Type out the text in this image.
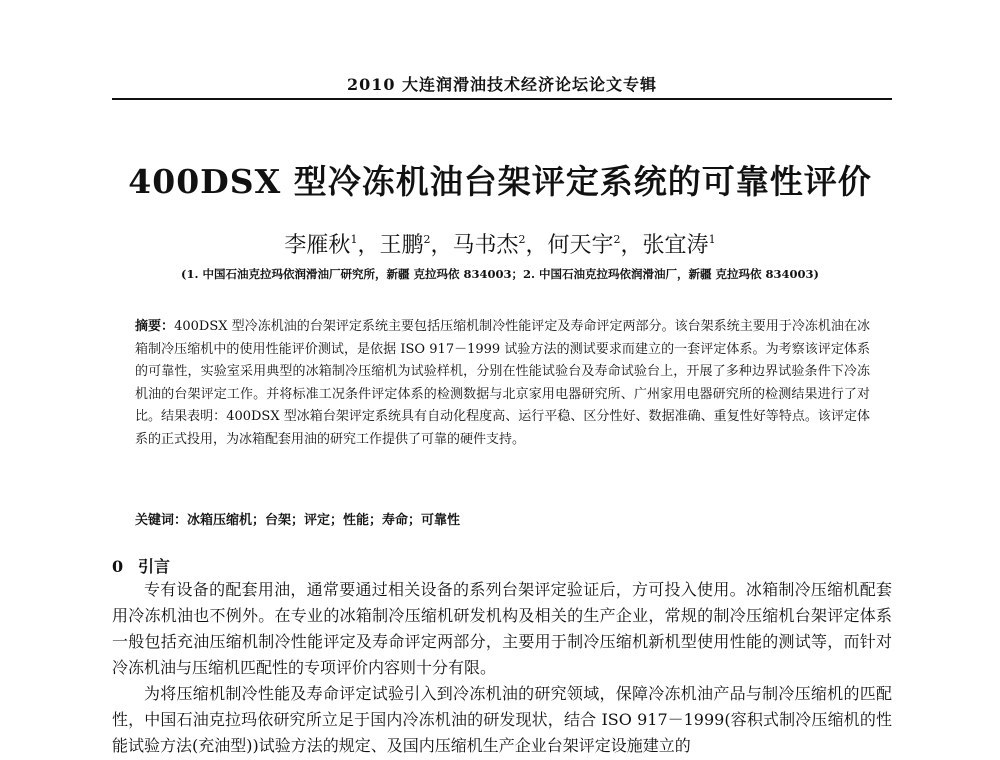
2010 大连润滑油技术经济论坛论文专辑
400DSX 型冷冻机油台架评定系统的可靠性评价
李雁秋$^1$，王鹏$^2$，马书杰$^2$，何天宇$^2$，张宜涛$^1$
(1. 中国石油克拉玛依润滑油厂研究所，新疆 克拉玛依 834003；2. 中国石油克拉玛依润滑油厂，新疆 克拉玛依 834003)
摘要：400DSX 型冷冻机油的台架评定系统主要包括压缩机制冷性能评定及寿命评定两部分。该台架系统主要用于冷冻机油在冰箱制冷压缩机中的使用性能评价测试，是依据 ISO 917－1999 试验方法的测试要求而建立的一套评定体系。为考察该评定体系的可靠性，实验室采用典型的冰箱制冷压缩机为试验样机，分别在性能试验台及寿命试验台上，开展了多种边界试验条件下冷冻机油的台架评定工作。并将标准工况条件评定体系的检测数据与北京家用电器研究所、广州家用电器研究所的检测结果进行了对比。结果表明：400DSX 型冰箱台架评定系统具有自动化程度高、运行平稳、区分性好、数据准确、重复性好等特点。该评定体系的正式投用，为冰箱配套用油的研究工作提供了可靠的硬件支持。
关键词：冰箱压缩机；台架；评定；性能；寿命；可靠性
0 引言

专有设备的配套用油，通常要通过相关设备的系列台架评定验证后，方可投入使用。冰箱制冷压缩机配套用冷冻机油也不例外。在专业的冰箱制冷压缩机研发机构及相关的生产企业，常规的制冷压缩机台架评定体系一般包括充油压缩机制冷性能评定及寿命评定两部分，主要用于制冷压缩机新机型使用性能的测试等，而针对冷冻机油与压缩机匹配性的专项评价内容则十分有限。

为将压缩机制冷性能及寿命评定试验引入到冷冻机油的研究领域，保障冷冻机油产品与制冷压缩机的匹配性，中国石油克拉玛依研究所立足于国内冷冻机油的研发现状，结合 ISO 917－1999(容积式制冷压缩机的性能试验方法(充油型))试验方法的规定、及国内压缩机生产企业台架评定设施建立的
